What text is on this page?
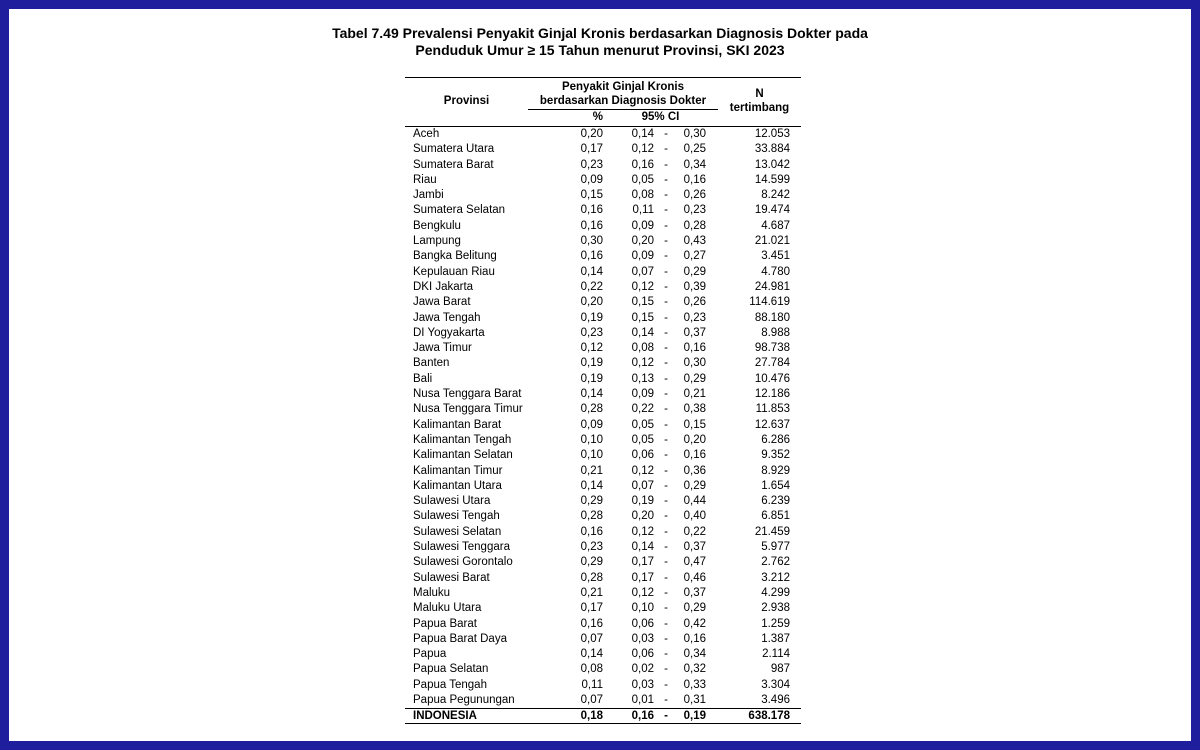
Tabel 7.49 Prevalensi Penyakit Ginjal Kronis berdasarkan Diagnosis Dokter pada
Penduduk Umur ≥ 15 Tahun menurut Provinsi, SKI 2023
Provinsi
Penyakit Ginjal Kronis
berdasarkan Diagnosis Dokter
%	95% CI
N
tertimbang
Aceh	0,20	0,14 -	0,30	12.053
Sumatera Utara	0,17	0,12 -	0,25	33.884
Sumatera Barat	0,23	0,16 -	0,34	13.042
Riau	0,09	0,05 -	0,16	14.599
Jambi	0,15	0,08 -	0,26	8.242
Sumatera Selatan	0,16	0,11 -	0,23	19.474
Bengkulu	0,16	0,09 -	0,28	4.687
Lampung	0,30	0,20 -	0,43	21.021
Bangka Belitung	0,16	0,09 -	0,27	3.451
Kepulauan Riau	0,14	0,07 -	0,29	4.780
DKI Jakarta	0,22	0,12 -	0,39	24.981
Jawa Barat	0,20	0,15 -	0,26	114.619
Jawa Tengah	0,19	0,15 -	0,23	88.180
DI Yogyakarta	0,23	0,14 -	0,37	8.988
Jawa Timur	0,12	0,08 -	0,16	98.738
Banten	0,19	0,12 -	0,30	27.784
Bali	0,19	0,13 -	0,29	10.476
Nusa Tenggara Barat	0,14	0,09 -	0,21	12.186
Nusa Tenggara Timur	0,28	0,22 -	0,38	11.853
Kalimantan Barat	0,09	0,05 -	0,15	12.637
Kalimantan Tengah	0,10	0,05 -	0,20	6.286
Kalimantan Selatan	0,10	0,06 -	0,16	9.352
Kalimantan Timur	0,21	0,12 -	0,36	8.929
Kalimantan Utara	0,14	0,07 -	0,29	1.654
Sulawesi Utara	0,29	0,19 -	0,44	6.239
Sulawesi Tengah	0,28	0,20 -	0,40	6.851
Sulawesi Selatan	0,16	0,12 -	0,22	21.459
Sulawesi Tenggara	0,23	0,14 -	0,37	5.977
Sulawesi Gorontalo	0,29	0,17 -	0,47	2.762
Sulawesi Barat	0,28	0,17 -	0,46	3.212
Maluku	0,21	0,12 -	0,37	4.299
Maluku Utara	0,17	0,10 -	0,29	2.938
Papua Barat	0,16	0,06 -	0,42	1.259
Papua Barat Daya	0,07	0,03 -	0,16	1.387
Papua	0,14	0,06 -	0,34	2.114
Papua Selatan	0,08	0,02 -	0,32	987
Papua Tengah	0,11	0,03 -	0,33	3.304
Papua Pegunungan	0,07	0,01 -	0,31	3.496
INDONESIA	0,18	0,16 -	0,19	638.178
